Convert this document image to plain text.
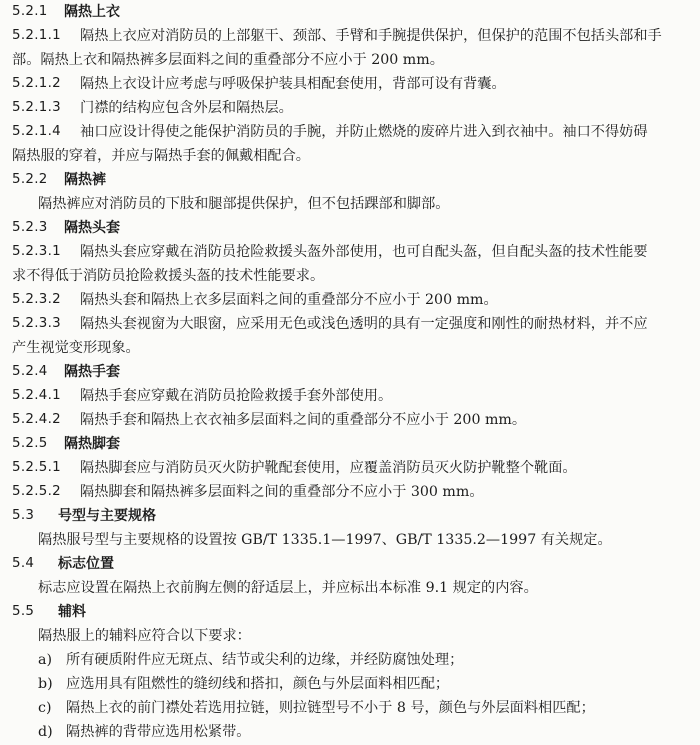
5.2.1 隔热上衣
5.2.1.1 隔热上衣应对消防员的上部躯干、颈部、手臂和手腕提供保护，但保护的范围不包括头部和手
部。隔热上衣和隔热裤多层面料之间的重叠部分不应小于 200 mm。
5.2.1.2 隔热上衣设计应考虑与呼吸保护装具相配套使用，背部可设有背囊。
5.2.1.3 门襟的结构应包含外层和隔热层。
5.2.1.4 袖口应设计得使之能保护消防员的手腕，并防止燃烧的废碎片进入到衣袖中。袖口不得妨碍
隔热服的穿着，并应与隔热手套的佩戴相配合。
5.2.2 隔热裤
隔热裤应对消防员的下肢和腿部提供保护，但不包括踝部和脚部。
5.2.3 隔热头套
5.2.3.1 隔热头套应穿戴在消防员抢险救援头盔外部使用，也可自配头盔，但自配头盔的技术性能要
求不得低于消防员抢险救援头盔的技术性能要求。
5.2.3.2 隔热头套和隔热上衣多层面料之间的重叠部分不应小于 200 mm。
5.2.3.3 隔热头套视窗为大眼窗，应采用无色或浅色透明的具有一定强度和刚性的耐热材料，并不应
产生视觉变形现象。
5.2.4 隔热手套
5.2.4.1 隔热手套应穿戴在消防员抢险救援手套外部使用。
5.2.4.2 隔热手套和隔热上衣衣袖多层面料之间的重叠部分不应小于 200 mm。
5.2.5 隔热脚套
5.2.5.1 隔热脚套应与消防员灭火防护靴配套使用，应覆盖消防员灭火防护靴整个靴面。
5.2.5.2 隔热脚套和隔热裤多层面料之间的重叠部分不应小于 300 mm。
5.3 号型与主要规格
隔热服号型与主要规格的设置按 GB/T 1335.1—1997、GB/T 1335.2—1997 有关规定。
5.4 标志位置
标志应设置在隔热上衣前胸左侧的舒适层上，并应标出本标准 9.1 规定的内容。
5.5 辅料
隔热服上的辅料应符合以下要求：
a) 所有硬质附件应无斑点、结节或尖利的边缘，并经防腐蚀处理；
b) 应选用具有阻燃性的缝纫线和搭扣，颜色与外层面料相匹配；
c) 隔热上衣的前门襟处若选用拉链，则拉链型号不小于 8 号，颜色与外层面料相匹配；
d) 隔热裤的背带应选用松紧带。
